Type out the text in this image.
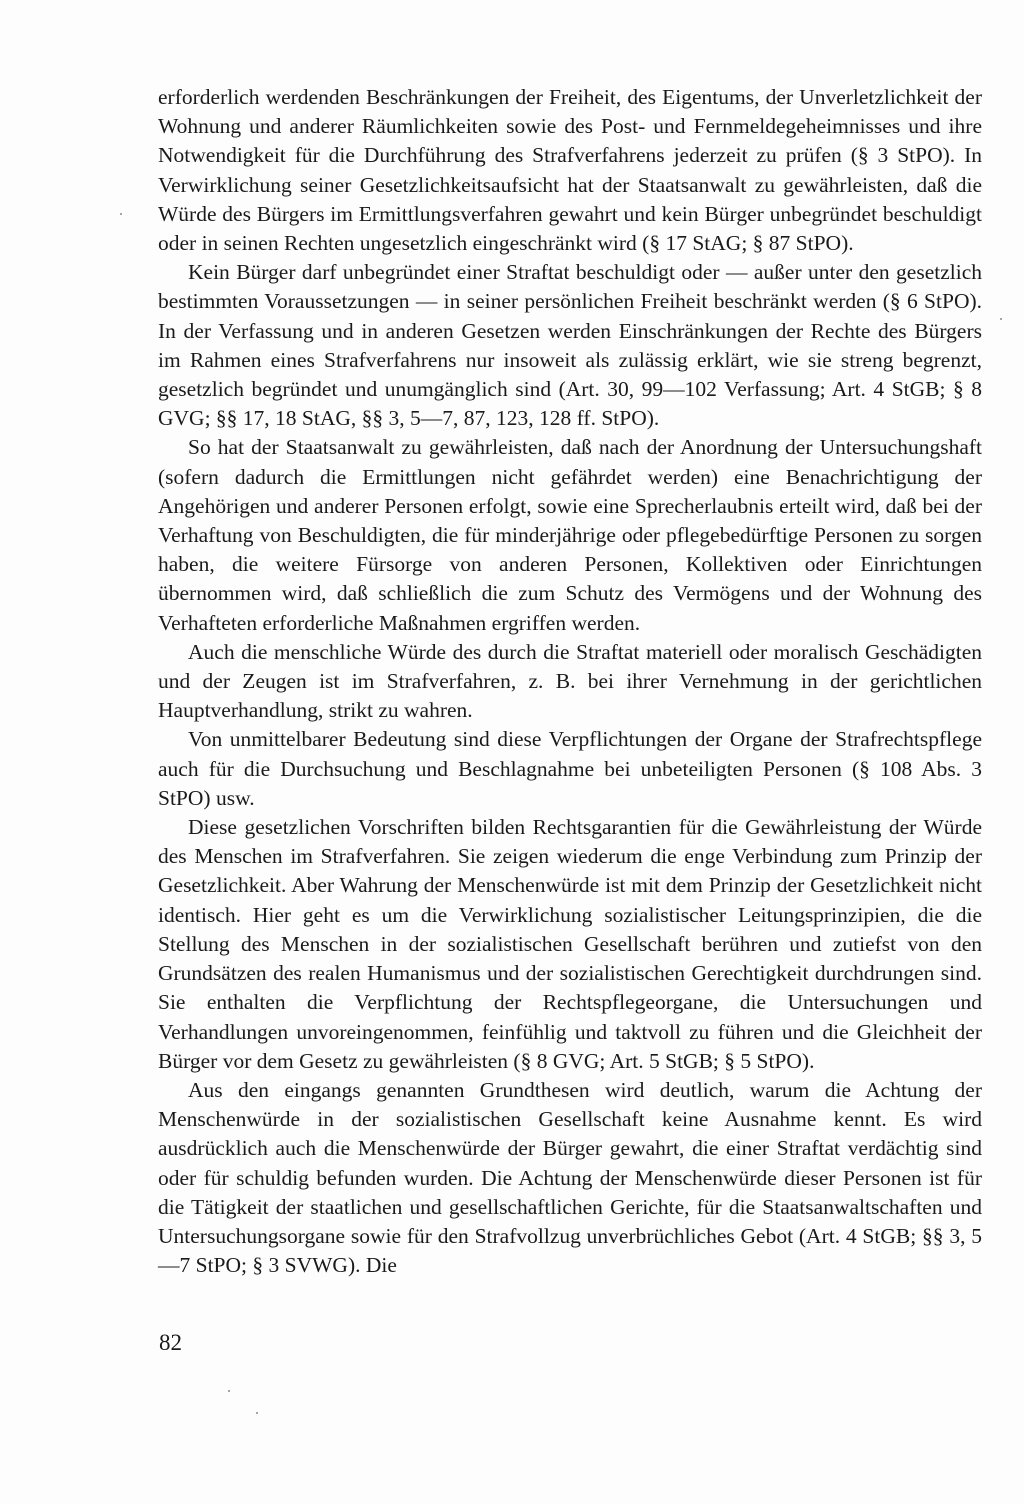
erforderlich werdenden Beschränkungen der Freiheit, des Eigentums, der Unverletzlichkeit der Wohnung und anderer Räumlichkeiten sowie des Post- und Fernmeldegeheimnisses und ihre Notwendigkeit für die Durchführung des Strafverfahrens jederzeit zu prüfen (§ 3 StPO). In Verwirklichung seiner Gesetzlichkeitsaufsicht hat der Staatsanwalt zu gewährleisten, daß die Würde des Bürgers im Ermittlungsverfahren gewahrt und kein Bürger unbegründet beschuldigt oder in seinen Rechten ungesetzlich eingeschränkt wird (§ 17 StAG; § 87 StPO).

Kein Bürger darf unbegründet einer Straftat beschuldigt oder — außer unter den gesetzlich bestimmten Voraussetzungen — in seiner persönlichen Freiheit beschränkt werden (§ 6 StPO). In der Verfassung und in anderen Gesetzen werden Einschränkungen der Rechte des Bürgers im Rahmen eines Strafverfahrens nur insoweit als zulässig erklärt, wie sie streng begrenzt, gesetzlich begründet und unumgänglich sind (Art. 30, 99—102 Verfassung; Art. 4 StGB; § 8 GVG; §§ 17, 18 StAG, §§ 3, 5—7, 87, 123, 128 ff. StPO).

So hat der Staatsanwalt zu gewährleisten, daß nach der Anordnung der Untersuchungshaft (sofern dadurch die Ermittlungen nicht gefährdet werden) eine Benachrichtigung der Angehörigen und anderer Personen erfolgt, sowie eine Sprecherlaubnis erteilt wird, daß bei der Verhaftung von Beschuldigten, die für minderjährige oder pflegebedürftige Personen zu sorgen haben, die weitere Fürsorge von anderen Personen, Kollektiven oder Einrichtungen übernommen wird, daß schließlich die zum Schutz des Vermögens und der Wohnung des Verhafteten erforderliche Maßnahmen ergriffen werden.

Auch die menschliche Würde des durch die Straftat materiell oder moralisch Geschädigten und der Zeugen ist im Strafverfahren, z. B. bei ihrer Vernehmung in der gerichtlichen Hauptverhandlung, strikt zu wahren.

Von unmittelbarer Bedeutung sind diese Verpflichtungen der Organe der Strafrechtspflege auch für die Durchsuchung und Beschlagnahme bei unbeteiligten Personen (§ 108 Abs. 3 StPO) usw.

Diese gesetzlichen Vorschriften bilden Rechtsgarantien für die Gewährleistung der Würde des Menschen im Strafverfahren. Sie zeigen wiederum die enge Verbindung zum Prinzip der Gesetzlichkeit. Aber Wahrung der Menschenwürde ist mit dem Prinzip der Gesetzlichkeit nicht identisch. Hier geht es um die Verwirklichung sozialistischer Leitungsprinzipien, die die Stellung des Menschen in der sozialistischen Gesellschaft berühren und zutiefst von den Grundsätzen des realen Humanismus und der sozialistischen Gerechtigkeit durchdrungen sind. Sie enthalten die Verpflichtung der Rechtspflegeorgane, die Untersuchungen und Verhandlungen unvoreingenommen, feinfühlig und taktvoll zu führen und die Gleichheit der Bürger vor dem Gesetz zu gewährleisten (§ 8 GVG; Art. 5 StGB; § 5 StPO).

Aus den eingangs genannten Grundthesen wird deutlich, warum die Achtung der Menschenwürde in der sozialistischen Gesellschaft keine Ausnahme kennt. Es wird ausdrücklich auch die Menschenwürde der Bürger gewahrt, die einer Straftat verdächtig sind oder für schuldig befunden wurden. Die Achtung der Menschenwürde dieser Personen ist für die Tätigkeit der staatlichen und gesellschaftlichen Gerichte, für die Staatsanwaltschaften und Untersuchungsorgane sowie für den Strafvollzug unverbrüchliches Gebot (Art. 4 StGB; §§ 3, 5—7 StPO; § 3 SVWG). Die

82
